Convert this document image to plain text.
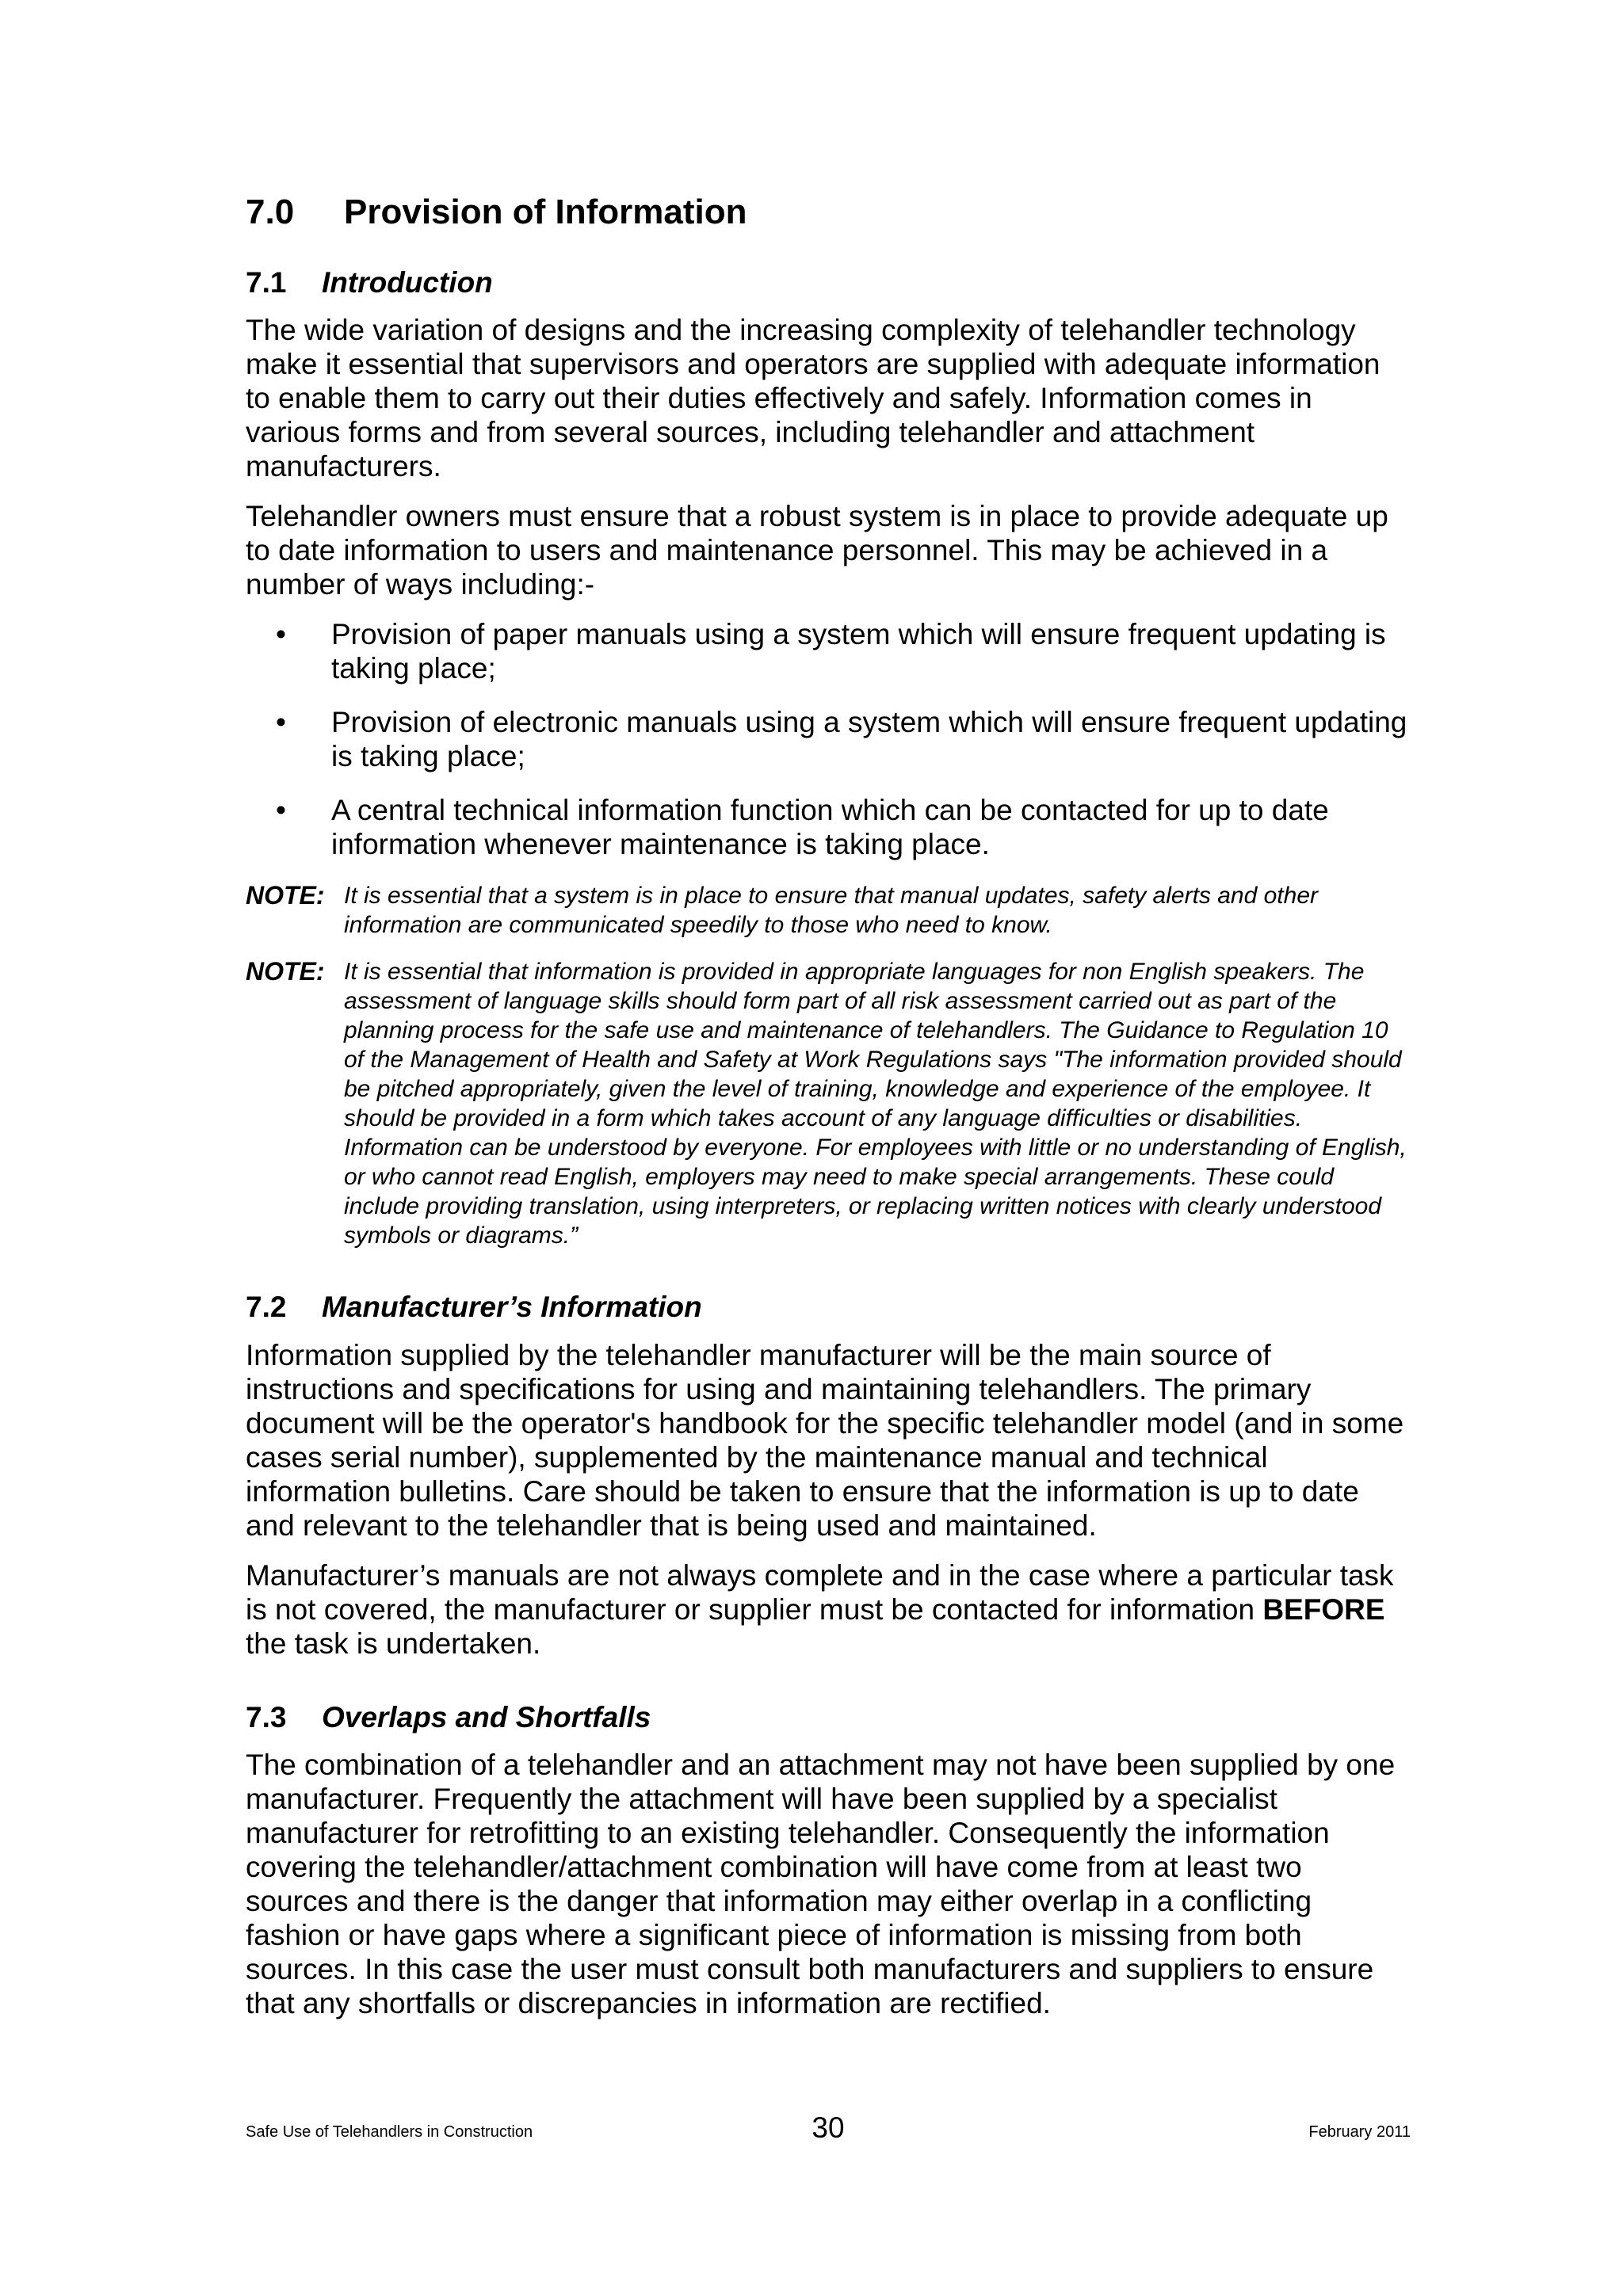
7.0 Provision of Information
7.1 Introduction

The wide variation of designs and the increasing complexity of telehandler technology make it essential that supervisors and operators are supplied with adequate information to enable them to carry out their duties effectively and safely. Information comes in various forms and from several sources, including telehandler and attachment manufacturers.

Telehandler owners must ensure that a robust system is in place to provide adequate up to date information to users and maintenance personnel. This may be achieved in a number of ways including:-

• Provision of paper manuals using a system which will ensure frequent updating is taking place;
• Provision of electronic manuals using a system which will ensure frequent updating is taking place;
• A central technical information function which can be contacted for up to date information whenever maintenance is taking place.
NOTE: It is essential that a system is in place to ensure that manual updates, safety alerts and other information are communicated speedily to those who need to know.
NOTE: It is essential that information is provided in appropriate languages for non English speakers. The assessment of language skills should form part of all risk assessment carried out as part of the planning process for the safe use and maintenance of telehandlers. The Guidance to Regulation 10 of the Management of Health and Safety at Work Regulations says "The information provided should be pitched appropriately, given the level of training, knowledge and experience of the employee. It should be provided in a form which takes account of any language difficulties or disabilities. Information can be understood by everyone. For employees with little or no understanding of English, or who cannot read English, employers may need to make special arrangements. These could include providing translation, using interpreters, or replacing written notices with clearly understood symbols or diagrams.”
7.2 Manufacturer’s Information

Information supplied by the telehandler manufacturer will be the main source of instructions and specifications for using and maintaining telehandlers. The primary document will be the operator's handbook for the specific telehandler model (and in some cases serial number), supplemented by the maintenance manual and technical information bulletins. Care should be taken to ensure that the information is up to date and relevant to the telehandler that is being used and maintained.

Manufacturer’s manuals are not always complete and in the case where a particular task is not covered, the manufacturer or supplier must be contacted for information BEFORE the task is undertaken.

7.3 Overlaps and Shortfalls

The combination of a telehandler and an attachment may not have been supplied by one manufacturer. Frequently the attachment will have been supplied by a specialist manufacturer for retrofitting to an existing telehandler. Consequently the information covering the telehandler/attachment combination will have come from at least two sources and there is the danger that information may either overlap in a conflicting fashion or have gaps where a significant piece of information is missing from both sources. In this case the user must consult both manufacturers and suppliers to ensure that any shortfalls or discrepancies in information are rectified.

Safe Use of Telehandlers in Construction	30	February 2011
